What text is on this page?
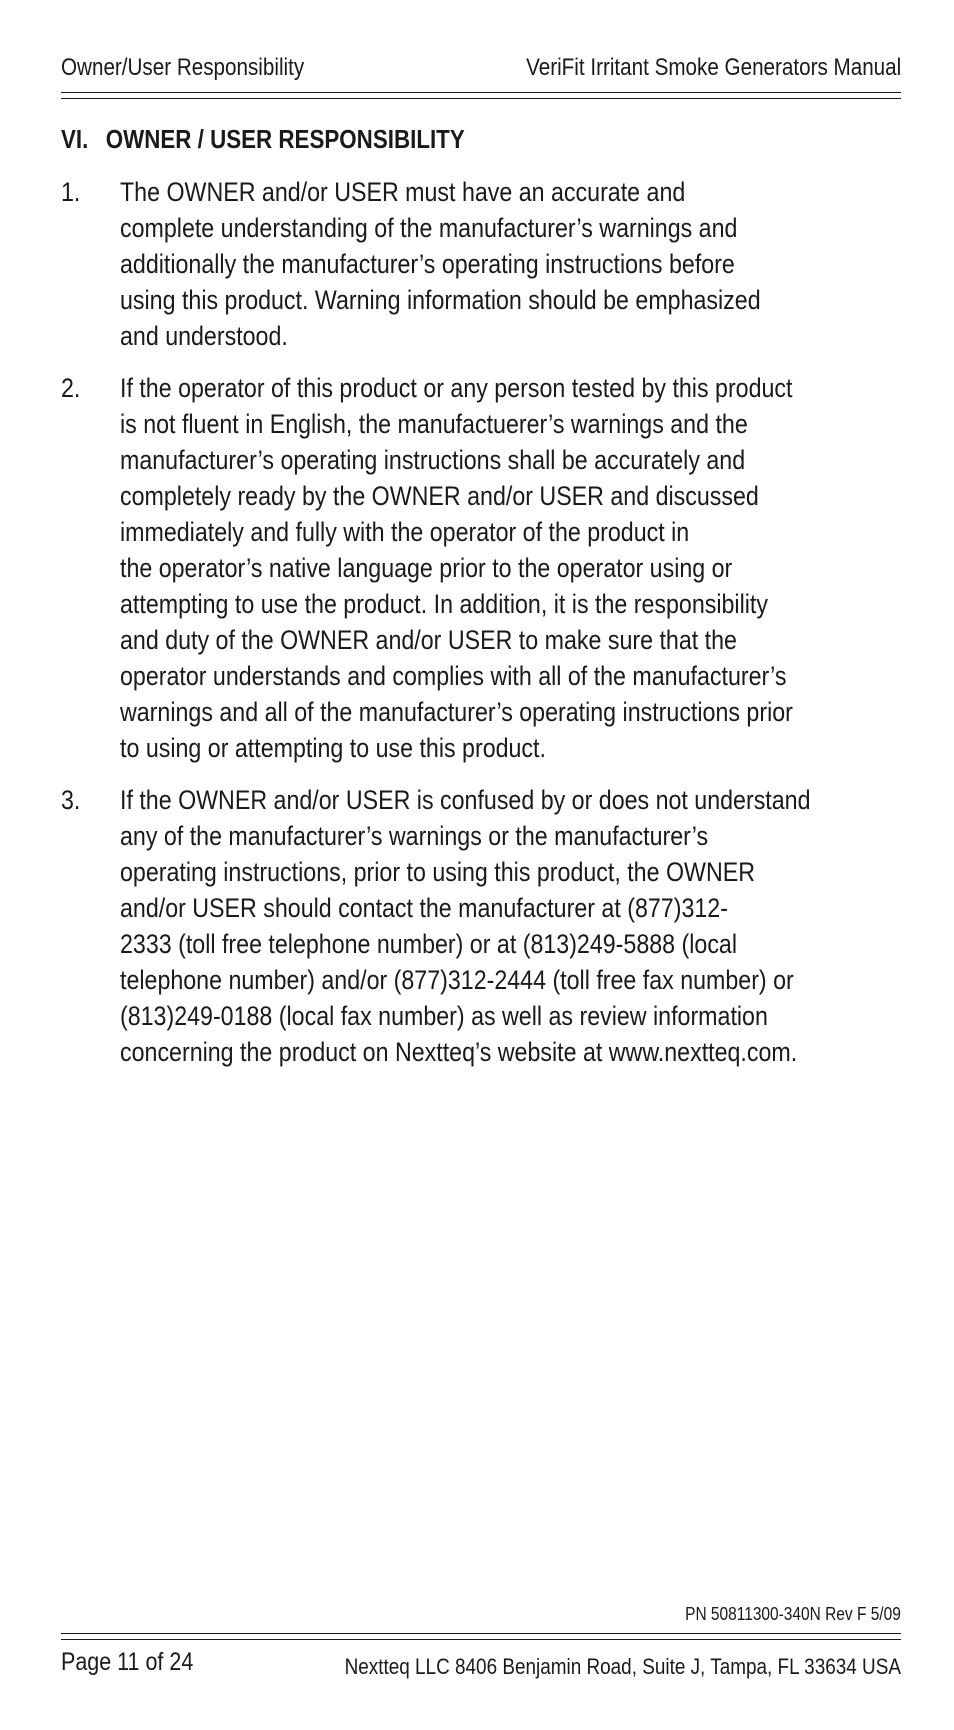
Owner/User Responsibility	VeriFit Irritant Smoke Generators Manual
VI. OWNER / USER RESPONSIBILITY
1.	The OWNER and/or USER must have an accurate and
complete understanding of the manufacturer’s warnings and
additionally the manufacturer’s operating instructions before
using this product. Warning information should be emphasized
and understood.
2.	If the operator of this product or any person tested by this product
is not fluent in English, the manufactuerer’s warnings and the
manufacturer’s operating instructions shall be accurately and
completely ready by the OWNER and/or USER and discussed
immediately and fully with the operator of the product in
the operator’s native language prior to the operator using or
attempting to use the product. In addition, it is the responsibility
and duty of the OWNER and/or USER to make sure that the
operator understands and complies with all of the manufacturer’s
warnings and all of the manufacturer’s operating instructions prior
to using or attempting to use this product.
3.	If the OWNER and/or USER is confused by or does not understand
any of the manufacturer’s warnings or the manufacturer’s
operating instructions, prior to using this product, the OWNER
and/or USER should contact the manufacturer at (877)312-
2333 (toll free telephone number) or at (813)249-5888 (local
telephone number) and/or (877)312-2444 (toll free fax number) or
(813)249-0188 (local fax number) as well as review information
concerning the product on Nextteq’s website at www.nextteq.com.
PN 50811300-340N Rev F 5/09
Page 11 of 24	Nextteq LLC 8406 Benjamin Road, Suite J, Tampa, FL 33634 USA
